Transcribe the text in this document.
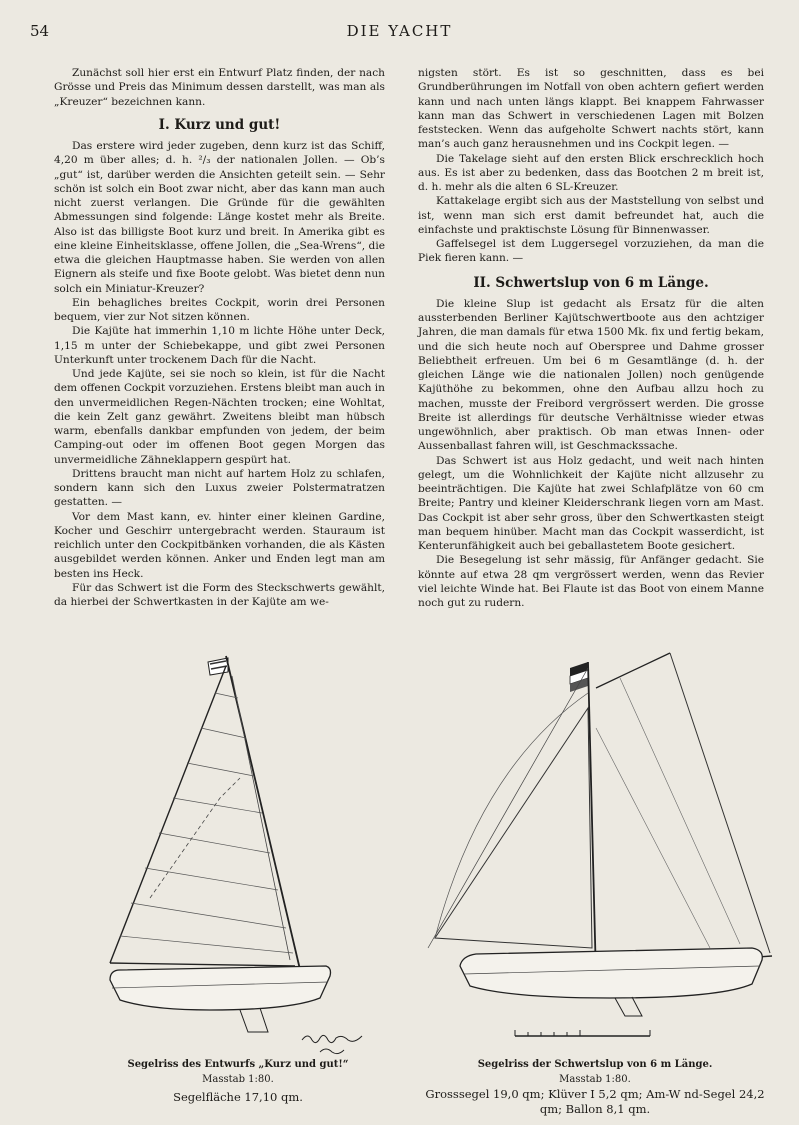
54	DIE YACHT

Zunächst soll hier erst ein Entwurf Platz finden, der nach Grösse und Preis das Minimum dessen darstellt, was man als „Kreuzer“ bezeichnen kann.

I. Kurz und gut!

Das erstere wird jeder zugeben, denn kurz ist das Schiff, 4,20 m über alles; d. h. ²/₃ der nationalen Jollen. — Ob’s „gut“ ist, darüber werden die Ansichten geteilt sein. — Sehr schön ist solch ein Boot zwar nicht, aber das kann man auch nicht zuerst verlangen. Die Gründe für die gewählten Abmessungen sind folgende: Länge kostet mehr als Breite. Also ist das billigste Boot kurz und breit. In Amerika gibt es eine kleine Einheitsklasse, offene Jollen, die „Sea-Wrens“, die etwa die gleichen Hauptmasse haben. Sie werden von allen Eignern als steife und fixe Boote gelobt. Was bietet denn nun solch ein Miniatur-Kreuzer?

Ein behagliches breites Cockpit, worin drei Personen bequem, vier zur Not sitzen können.

Die Kajüte hat immerhin 1,10 m lichte Höhe unter Deck, 1,15 m unter der Schiebekappe, und gibt zwei Personen Unterkunft unter trockenem Dach für die Nacht.

Und jede Kajüte, sei sie noch so klein, ist für die Nacht dem offenen Cockpit vorzuziehen. Erstens bleibt man auch in den unvermeidlichen Regen-Nächten trocken; eine Wohltat, die kein Zelt ganz gewährt. Zweitens bleibt man hübsch warm, ebenfalls dankbar empfunden von jedem, der beim Camping-out oder im offenen Boot gegen Morgen das unvermeidliche Zähneklappern gespürt hat.

Drittens braucht man nicht auf hartem Holz zu schlafen, sondern kann sich den Luxus zweier Polstermatratzen gestatten. —

Vor dem Mast kann, ev. hinter einer kleinen Gardine, Kocher und Geschirr untergebracht werden. Stauraum ist reichlich unter den Cockpitbänken vorhanden, die als Kästen ausgebildet werden können. Anker und Enden legt man am besten ins Heck.

Für das Schwert ist die Form des Steckschwerts gewählt, da hierbei der Schwertkasten in der Kajüte am we-

nigsten stört. Es ist so geschnitten, dass es bei Grundberührungen im Notfall von oben achtern gefiert werden kann und nach unten längs klappt. Bei knappem Fahrwasser kann man das Schwert in verschiedenen Lagen mit Bolzen feststecken. Wenn das aufgeholte Schwert nachts stört, kann man’s auch ganz herausnehmen und ins Cockpit legen. —

Die Takelage sieht auf den ersten Blick erschrecklich hoch aus. Es ist aber zu bedenken, dass das Bootchen 2 m breit ist, d. h. mehr als die alten 6 SL-Kreuzer.

Kattakelage ergibt sich aus der Maststellung von selbst und ist, wenn man sich erst damit befreundet hat, auch die einfachste und praktischste Lösung für Binnenwasser.

Gaffelsegel ist dem Luggersegel vorzuziehen, da man die Piek fieren kann. —

II. Schwertslup von 6 m Länge.

Die kleine Slup ist gedacht als Ersatz für die alten aussterbenden Berliner Kajütschwertboote aus den achtziger Jahren, die man damals für etwa 1500 Mk. fix und fertig bekam, und die sich heute noch auf Oberspree und Dahme grosser Beliebtheit erfreuen. Um bei 6 m Gesamtlänge (d. h. der gleichen Länge wie die nationalen Jollen) noch genügende Kajüthöhe zu bekommen, ohne den Aufbau allzu hoch zu machen, musste der Freibord vergrössert werden. Die grosse Breite ist allerdings für deutsche Verhältnisse wieder etwas ungewöhnlich, aber praktisch. Ob man etwas Innen- oder Aussenballast fahren will, ist Geschmackssache.

Das Schwert ist aus Holz gedacht, und weit nach hinten gelegt, um die Wohnlichkeit der Kajüte nicht allzusehr zu beeinträchtigen. Die Kajüte hat zwei Schlafplätze von 60 cm Breite; Pantry und kleiner Kleiderschrank liegen vorn am Mast. Das Cockpit ist aber sehr gross, über den Schwertkasten steigt man bequem hinüber. Macht man das Cockpit wasserdicht, ist Kenterunfähigkeit auch bei geballastetem Boote gesichert.

Die Besegelung ist sehr mässig, für Anfänger gedacht. Sie könnte auf etwa 28 qm vergrössert werden, wenn das Revier viel leichte Winde hat. Bei Flaute ist das Boot von einem Manne noch gut zu rudern.

Segelriss des Entwurfs „Kurz und gut!“
Masstab 1:80.
Segelfläche 17,10 qm.
Segelriss der Schwertslup von 6 m Länge.
Masstab 1:80.
Grosssegel 19,0 qm; Klüver I 5,2 qm; Am-W nd-Segel 24,2 qm; Ballon 8,1 qm.
